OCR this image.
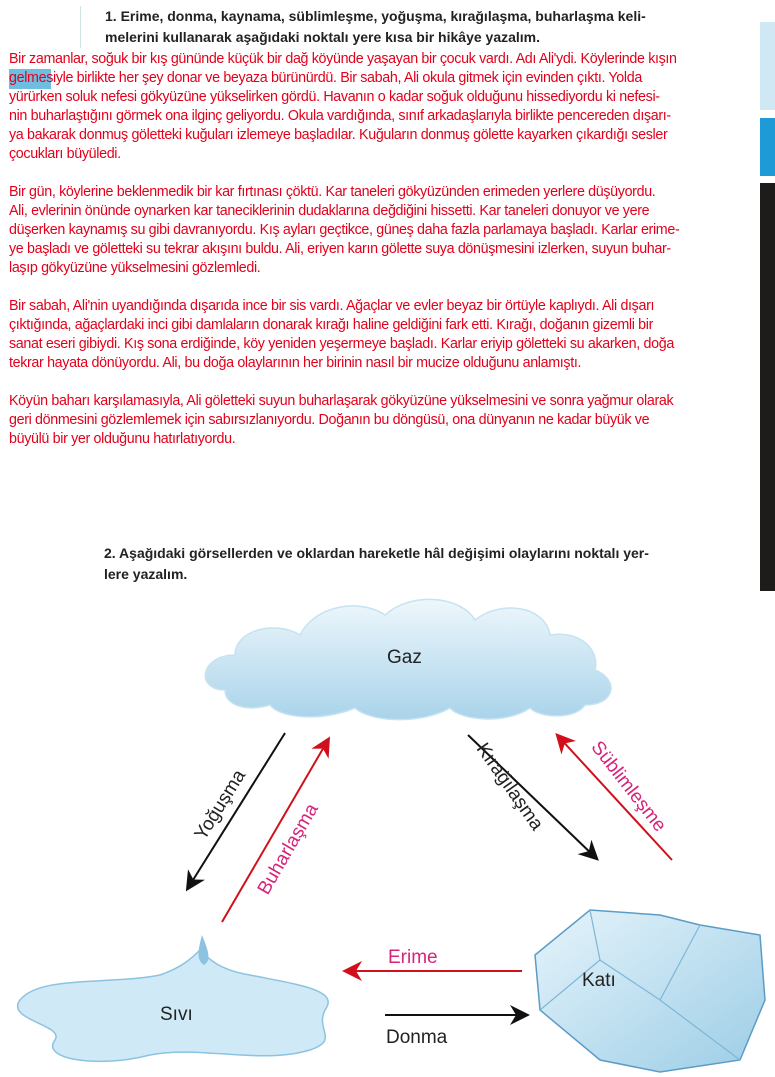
1. Erime, donma, kaynama, süblimleşme, yoğuşma, kırağılaşma, buharlaşma keli-
melerini kullanarak aşağıdaki noktalı yere kısa bir hikâye yazalım.
Bir zamanlar, soğuk bir kış gününde küçük bir dağ köyünde yaşayan bir çocuk vardı. Adı Ali'ydi. Köylerinde kışın
gelmesiyle birlikte her şey donar ve beyaza bürünürdü. Bir sabah, Ali okula gitmek için evinden çıktı. Yolda
yürürken soluk nefesi gökyüzüne yükselirken gördü. Havanın o kadar soğuk olduğunu hissediyordu ki nefesi-
nin buharlaştığını görmek ona ilginç geliyordu. Okula vardığında, sınıf arkadaşlarıyla birlikte pencereden dışarı-
ya bakarak donmuş göletteki kuğuları izlemeye başladılar. Kuğuların donmuş gölette kayarken çıkardığı sesler
çocukları büyüledi.
Bir gün, köylerine beklenmedik bir kar fırtınası çöktü. Kar taneleri gökyüzünden erimeden yerlere düşüyordu.
Ali, evlerinin önünde oynarken kar taneciklerinin dudaklarına değdiğini hissetti. Kar taneleri donuyor ve yere
düşerken kaynamış su gibi davranıyordu. Kış ayları geçtikce, güneş daha fazla parlamaya başladı. Karlar erime-
ye başladı ve göletteki su tekrar akışını buldu. Ali, eriyen karın gölette suya dönüşmesini izlerken, suyun buhar-
laşıp gökyüzüne yükselmesini gözlemledi.
Bir sabah, Ali'nin uyandığında dışarıda ince bir sis vardı. Ağaçlar ve evler beyaz bir örtüyle kaplıydı. Ali dışarı
çıktığında, ağaçlardaki inci gibi damlaların donarak kırağı haline geldiğini fark etti. Kırağı, doğanın gizemli bir
sanat eseri gibiydi. Kış sona erdiğinde, köy yeniden yeşermeye başladı. Karlar eriyip göletteki su akarken, doğa
tekrar hayata dönüyordu. Ali, bu doğa olaylarının her birinin nasıl bir mucize olduğunu anlamıştı.
Köyün baharı karşılamasıyla, Ali göletteki suyun buharlaşarak gökyüzüne yükselmesini ve sonra yağmur olarak
geri dönmesini gözlemlemek için sabırsızlanıyordu. Doğanın bu döngüsü, ona dünyanın ne kadar büyük ve
büyülü bir yer olduğunu hatırlatıyordu.
2. Aşağıdaki görsellerden ve oklardan hareketle hâl değişimi olaylarını noktalı yer-
lere yazalım.
Gaz
Yoğuşma Buharlaşma
Kırağılaşma Süblimleşme
Erime
Donma
Sıvı
Katı
